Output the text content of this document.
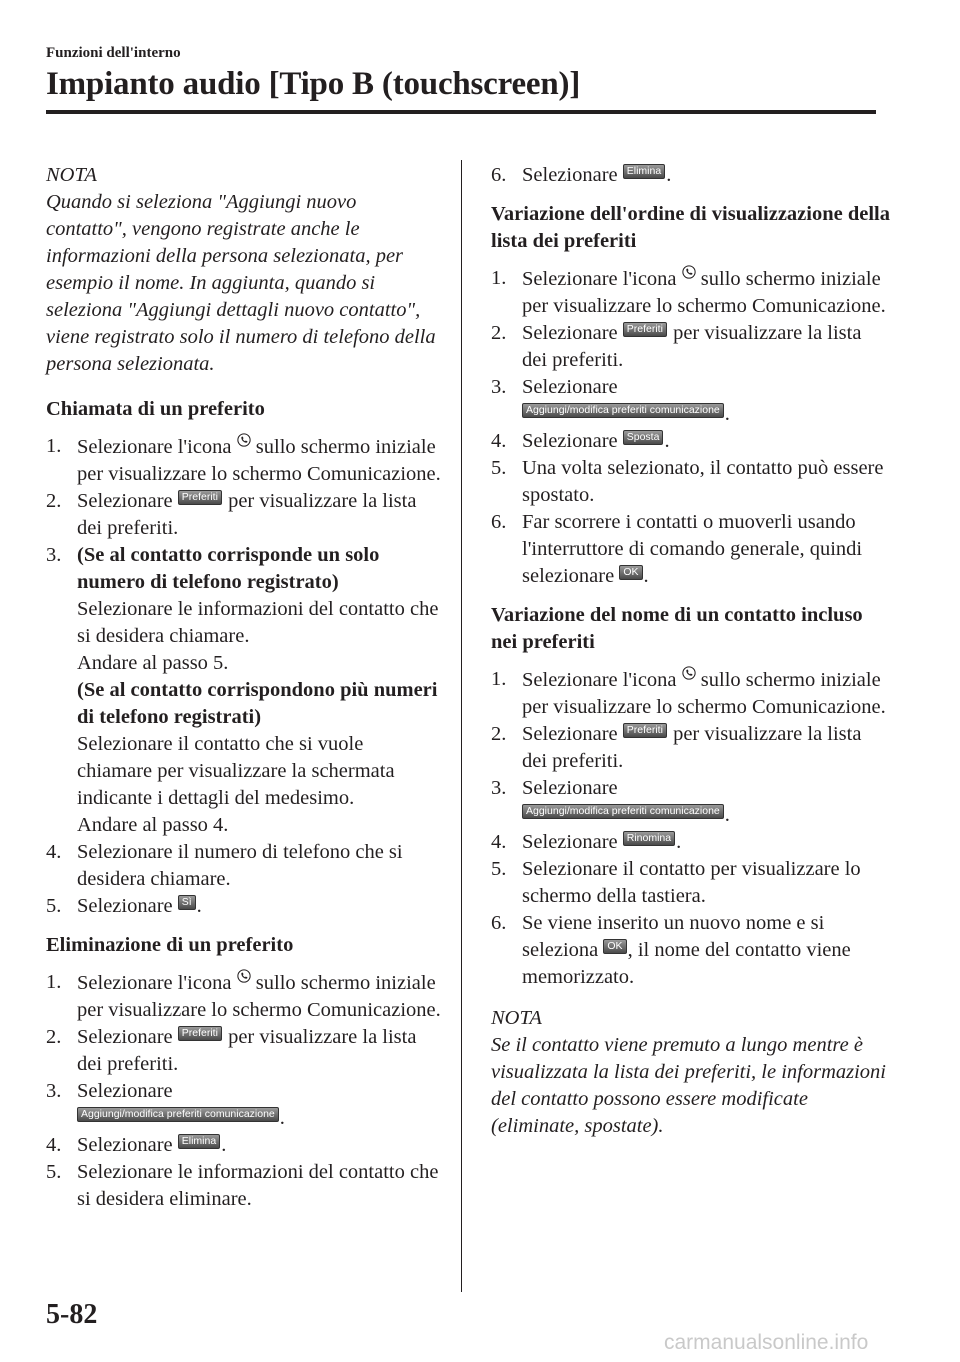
Funzioni dell'interno
Impianto audio [Tipo B (touchscreen)]

NOTA

Quando si seleziona "Aggiungi nuovo contatto", vengono registrate anche le informazioni della persona selezionata, per esempio il nome. In aggiunta, quando si seleziona "Aggiungi dettagli nuovo contatto", viene registrato solo il numero di telefono della persona selezionata.

Chiamata di un preferito
1. Selezionare l'icona  sullo schermo iniziale per visualizzare lo schermo Comunicazione.
2. Selezionare Preferiti per visualizzare la lista dei preferiti.
3. (Se al contatto corrisponde un solo numero di telefono registrato)
Selezionare le informazioni del contatto che si desidera chiamare.
Andare al passo 5.
(Se al contatto corrispondono più numeri di telefono registrati)
Selezionare il contatto che si vuole chiamare per visualizzare la schermata indicante i dettagli del medesimo.
Andare al passo 4.
4. Selezionare il numero di telefono che si desidera chiamare.
5. Selezionare Sì .
Eliminazione di un preferito
1. Selezionare l'icona  sullo schermo iniziale per visualizzare lo schermo Comunicazione.
2. Selezionare Preferiti per visualizzare la lista dei preferiti.
3. Selezionare
Aggiungi/modifica preferiti comunicazione .
4. Selezionare Elimina .
5. Selezionare le informazioni del contatto che si desidera eliminare.
6. Selezionare Elimina .
Variazione dell'ordine di visualizzazione della lista dei preferiti
1. Selezionare l'icona  sullo schermo iniziale per visualizzare lo schermo Comunicazione.
2. Selezionare Preferiti per visualizzare la lista dei preferiti.
3. Selezionare
Aggiungi/modifica preferiti comunicazione .
4. Selezionare Sposta .
5. Una volta selezionato, il contatto può essere spostato.
6. Far scorrere i contatti o muoverli usando l'interruttore di comando generale, quindi selezionare OK .
Variazione del nome di un contatto incluso nei preferiti
1. Selezionare l'icona  sullo schermo iniziale per visualizzare lo schermo Comunicazione.
2. Selezionare Preferiti per visualizzare la lista dei preferiti.
3. Selezionare
Aggiungi/modifica preferiti comunicazione .
4. Selezionare Rinomina .
5. Selezionare il contatto per visualizzare lo schermo della tastiera.
6. Se viene inserito un nuovo nome e si seleziona OK , il nome del contatto viene memorizzato.

NOTA

Se il contatto viene premuto a lungo mentre è visualizzata la lista dei preferiti, le informazioni del contatto possono essere modificate (eliminate, spostate).

5-82
carmanualsonline.info
